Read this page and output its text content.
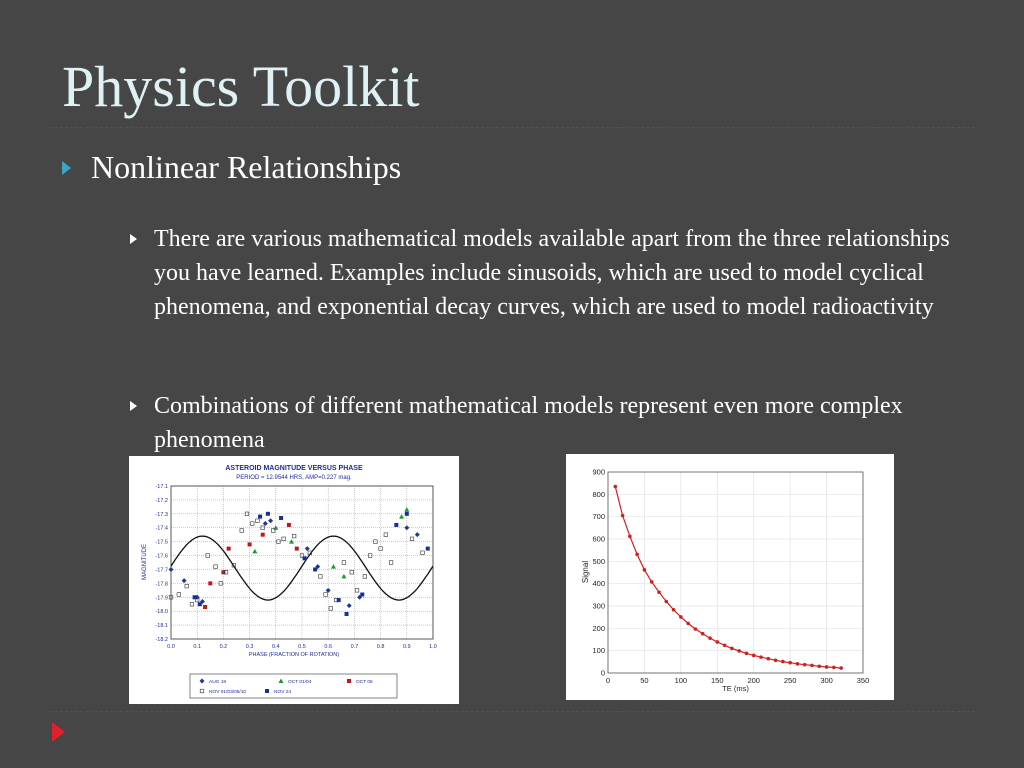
Physics Toolkit
Nonlinear Relationships
There are various mathematical models available apart from the three relationships you have learned. Examples include sinusoids, which are used to model cyclical phenomena, and exponential decay curves, which are used to model radioactivity
Combinations of different mathematical models represent even more complex phenomena
ASTEROID MAGNITUDE VERSUS PHASE
PERIOD = 12.9544 HRS, AMP=0.227 mag.
0.0	0.1	0.2	0.3	0.4	0.5	0.6	0.7	0.8	0.9	1.0
-17.1
-17.2
-17.3
-17.4
-17.5
-17.6
-17.7
-17.8
-17.9
-18.0
-18.1
-18.2
PHASE (FRACTION OF ROTATION)
MAGNITUDE
AUG 18	OCT 01/04	OCT 06
NOV 01/03/05/10	NOV 24
0	50	100	150	200	250	300	350
0
100
200
300
400
500
600
700
800
900
TE (ms)
Signal
